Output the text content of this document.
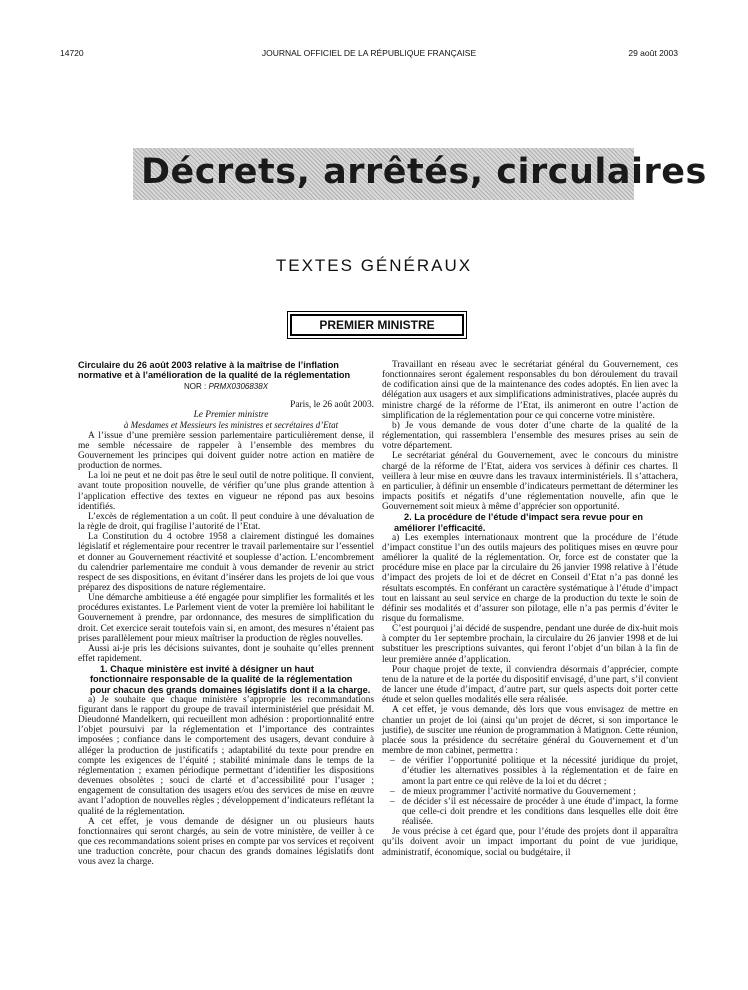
14720	JOURNAL OFFICIEL DE LA RÉPUBLIQUE FRANÇAISE	29 août 2003
Décrets, arrêtés, circulaires
TEXTES GÉNÉRAUX
PREMIER MINISTRE

Circulaire du 26 août 2003 relative à la maîtrise de l’inflation normative et à l’amélioration de la qualité de la réglementation

NOR : PRMX0306838X

Paris, le 26 août 2003.

Le Premier ministre

à Mesdames et Messieurs les ministres et secrétaires d’Etat

A l’issue d’une première session parlementaire particulièrement dense, il me semble nécessaire de rappeler à l’ensemble des membres du Gouvernement les principes qui doivent guider notre action en matière de production de normes.

La loi ne peut et ne doit pas être le seul outil de notre politique. Il convient, avant toute proposition nouvelle, de vérifier qu’une plus grande attention à l’application effective des textes en vigueur ne répond pas aux besoins identifiés.

L’excès de réglementation a un coût. Il peut conduire à une dévaluation de la règle de droit, qui fragilise l’autorité de l’Etat.

La Constitution du 4 octobre 1958 a clairement distingué les domaines législatif et réglementaire pour recentrer le travail parlementaire sur l’essentiel et donner au Gouvernement réactivité et souplesse d’action. L’encombrement du calendrier parlementaire me conduit à vous demander de revenir au strict respect de ses dispositions, en évitant d’insérer dans les projets de loi que vous préparez des dispositions de nature réglementaire.

Une démarche ambitieuse a été engagée pour simplifier les formalités et les procédures existantes. Le Parlement vient de voter la première loi habilitant le Gouvernement à prendre, par ordonnance, des mesures de simplification du droit. Cet exercice serait toutefois vain si, en amont, des mesures n’étaient pas prises parallèlement pour mieux maîtriser la production de règles nouvelles.

Aussi ai-je pris les décisions suivantes, dont je souhaite qu’elles prennent effet rapidement.

1. Chaque ministère est invité à désigner un haut fonctionnaire responsable de la qualité de la réglementation pour chacun des grands domaines législatifs dont il a la charge.

a) Je souhaite que chaque ministère s’approprie les recommandations figurant dans le rapport du groupe de travail interministériel que présidait M. Dieudonné Mandelkern, qui recueillent mon adhésion : proportionnalité entre l’objet poursuivi par la réglementation et l’importance des contraintes imposées ; confiance dans le comportement des usagers, devant conduire à alléger la production de justificatifs ; adaptabilité du texte pour prendre en compte les exigences de l’équité ; stabilité minimale dans le temps de la réglementation ; examen périodique permettant d’identifier les dispositions devenues obsolètes ; souci de clarté et d’accessibilité pour l’usager ; engagement de consultation des usagers et/ou des services de mise en œuvre avant l’adoption de nouvelles règles ; développement d’indicateurs reflétant la qualité de la réglementation.

A cet effet, je vous demande de désigner un ou plusieurs hauts fonctionnaires qui seront chargés, au sein de votre ministère, de veiller à ce que ces recommandations soient prises en compte par vos services et reçoivent une traduction concrète, pour chacun des grands domaines législatifs dont vous avez la charge.

Travaillant en réseau avec le secrétariat général du Gouvernement, ces fonctionnaires seront également responsables du bon déroulement du travail de codification ainsi que de la maintenance des codes adoptés. En lien avec la délégation aux usagers et aux simplifications administratives, placée auprès du ministre chargé de la réforme de l’Etat, ils animeront en outre l’action de simplification de la réglementation pour ce qui concerne votre ministère.

b) Je vous demande de vous doter d’une charte de la qualité de la réglementation, qui rassemblera l’ensemble des mesures prises au sein de votre département.

Le secrétariat général du Gouvernement, avec le concours du ministre chargé de la réforme de l’Etat, aidera vos services à définir ces chartes. Il veillera à leur mise en œuvre dans les travaux interministériels. Il s’attachera, en particulier, à définir un ensemble d’indicateurs permettant de déterminer les impacts positifs et négatifs d’une réglementation nouvelle, afin que le Gouvernement soit mieux à même d’apprécier son opportunité.

2. La procédure de l’étude d’impact sera revue pour en améliorer l’efficacité.

a) Les exemples internationaux montrent que la procédure de l’étude d’impact constitue l’un des outils majeurs des politiques mises en œuvre pour améliorer la qualité de la réglementation. Or, force est de constater que la procédure mise en place par la circulaire du 26 janvier 1998 relative à l’étude d’impact des projets de loi et de décret en Conseil d’Etat n’a pas donné les résultats escomptés. En conférant un caractère systématique à l’étude d’impact tout en laissant au seul service en charge de la production du texte le soin de définir ses modalités et d’assurer son pilotage, elle n’a pas permis d’éviter le risque du formalisme.

C’est pourquoi j’ai décidé de suspendre, pendant une durée de dix-huit mois à compter du 1er septembre prochain, la circulaire du 26 janvier 1998 et de lui substituer les prescriptions suivantes, qui feront l’objet d’un bilan à la fin de leur première année d’application.

Pour chaque projet de texte, il conviendra désormais d’apprécier, compte tenu de la nature et de la portée du dispositif envisagé, d’une part, s’il convient de lancer une étude d’impact, d’autre part, sur quels aspects doit porter cette étude et selon quelles modalités elle sera réalisée.

A cet effet, je vous demande, dès lors que vous envisagez de mettre en chantier un projet de loi (ainsi qu’un projet de décret, si son importance le justifie), de susciter une réunion de programmation à Matignon. Cette réunion, placée sous la présidence du secrétaire général du Gouvernement et d’un membre de mon cabinet, permettra :

– de vérifier l’opportunité politique et la nécessité juridique du projet, d’étudier les alternatives possibles à la réglementation et de faire en amont la part entre ce qui relève de la loi et du décret ;
– de mieux programmer l’activité normative du Gouvernement ;
– de décider s’il est nécessaire de procéder à une étude d’impact, la forme que celle-ci doit prendre et les conditions dans lesquelles elle doit être réalisée.

Je vous précise à cet égard que, pour l’étude des projets dont il apparaîtra qu’ils doivent avoir un impact important du point de vue juridique, administratif, économique, social ou budgétaire, il
